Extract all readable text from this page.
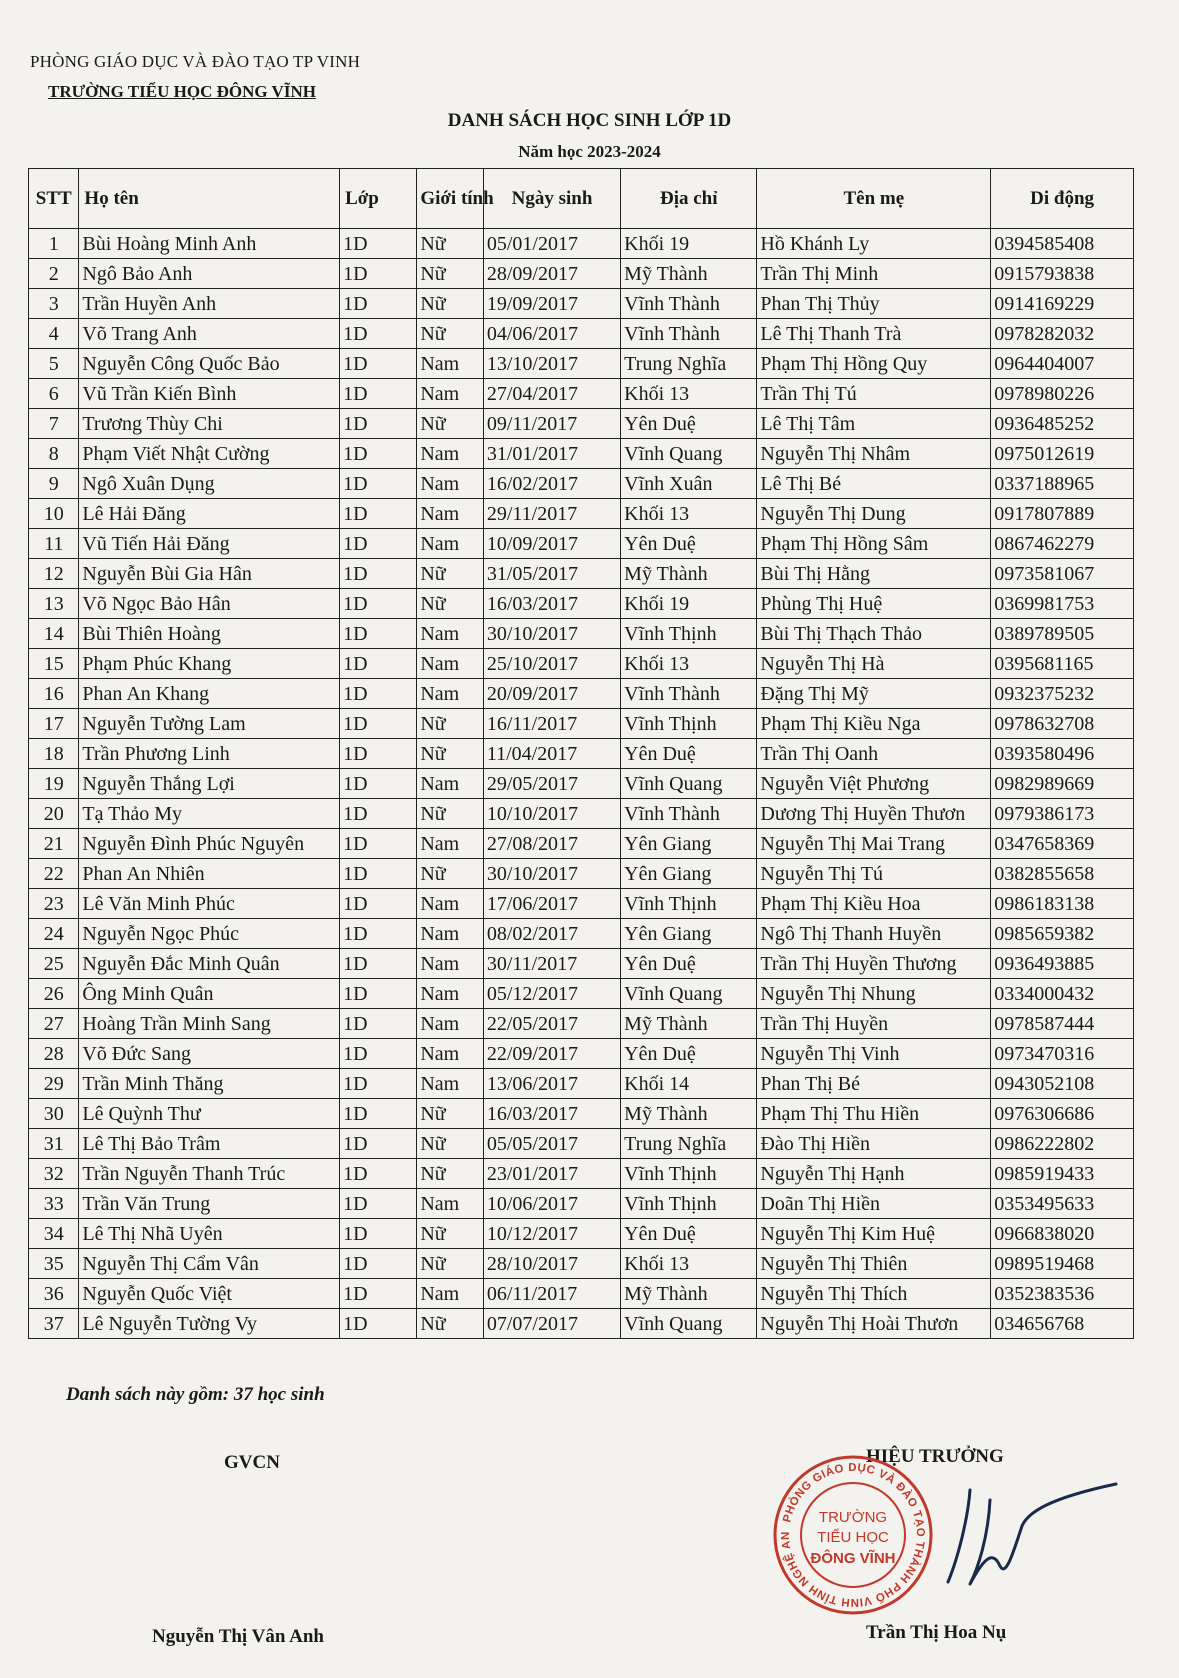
PHÒNG GIÁO DỤC VÀ ĐÀO TẠO TP VINH
TRƯỜNG TIỂU HỌC ĐÔNG VĨNH
DANH SÁCH HỌC SINH LỚP 1D
Năm học 2023-2024
STT	Họ tên	Lớp	Giới tính	Ngày sinh	Địa chỉ	Tên mẹ	Di động
1	Bùi Hoàng Minh Anh	1D	Nữ	05/01/2017	Khối 19	Hồ Khánh Ly	0394585408
2	Ngô Bảo Anh	1D	Nữ	28/09/2017	Mỹ Thành	Trần Thị Minh	0915793838
3	Trần Huyền Anh	1D	Nữ	19/09/2017	Vĩnh Thành	Phan Thị Thủy	0914169229
4	Võ Trang Anh	1D	Nữ	04/06/2017	Vĩnh Thành	Lê Thị Thanh Trà	0978282032
5	Nguyễn Công Quốc Bảo	1D	Nam	13/10/2017	Trung Nghĩa	Phạm Thị Hồng Quy	0964404007
6	Vũ Trần Kiến Bình	1D	Nam	27/04/2017	Khối 13	Trần Thị Tú	0978980226
7	Trương Thùy Chi	1D	Nữ	09/11/2017	Yên Duệ	Lê Thị Tâm	0936485252
8	Phạm Viết Nhật Cường	1D	Nam	31/01/2017	Vĩnh Quang	Nguyễn Thị Nhâm	0975012619
9	Ngô Xuân Dụng	1D	Nam	16/02/2017	Vĩnh Xuân	Lê Thị Bé	0337188965
10	Lê Hải Đăng	1D	Nam	29/11/2017	Khối 13	Nguyễn Thị Dung	0917807889
11	Vũ Tiến Hải Đăng	1D	Nam	10/09/2017	Yên Duệ	Phạm Thị Hồng Sâm	0867462279
12	Nguyễn Bùi Gia Hân	1D	Nữ	31/05/2017	Mỹ Thành	Bùi Thị Hằng	0973581067
13	Võ Ngọc Bảo Hân	1D	Nữ	16/03/2017	Khối 19	Phùng Thị Huệ	0369981753
14	Bùi Thiên Hoàng	1D	Nam	30/10/2017	Vĩnh Thịnh	Bùi Thị Thạch Thảo	0389789505
15	Phạm Phúc Khang	1D	Nam	25/10/2017	Khối 13	Nguyễn Thị Hà	0395681165
16	Phan An Khang	1D	Nam	20/09/2017	Vĩnh Thành	Đặng Thị Mỹ	0932375232
17	Nguyễn Tường Lam	1D	Nữ	16/11/2017	Vĩnh Thịnh	Phạm Thị Kiều Nga	0978632708
18	Trần Phương Linh	1D	Nữ	11/04/2017	Yên Duệ	Trần Thị Oanh	0393580496
19	Nguyễn Thắng Lợi	1D	Nam	29/05/2017	Vĩnh Quang	Nguyễn Việt Phương	0982989669
20	Tạ Thảo My	1D	Nữ	10/10/2017	Vĩnh Thành	Dương Thị Huyền Thươn	0979386173
21	Nguyễn Đình Phúc Nguyên	1D	Nam	27/08/2017	Yên Giang	Nguyễn Thị Mai Trang	0347658369
22	Phan An Nhiên	1D	Nữ	30/10/2017	Yên Giang	Nguyễn Thị Tú	0382855658
23	Lê Văn Minh Phúc	1D	Nam	17/06/2017	Vĩnh Thịnh	Phạm Thị Kiều Hoa	0986183138
24	Nguyễn Ngọc Phúc	1D	Nam	08/02/2017	Yên Giang	Ngô Thị Thanh Huyền	0985659382
25	Nguyễn Đắc Minh Quân	1D	Nam	30/11/2017	Yên Duệ	Trần Thị Huyền Thương	0936493885
26	Ông Minh Quân	1D	Nam	05/12/2017	Vĩnh Quang	Nguyễn Thị Nhung	0334000432
27	Hoàng Trần Minh Sang	1D	Nam	22/05/2017	Mỹ Thành	Trần Thị Huyền	0978587444
28	Võ Đức Sang	1D	Nam	22/09/2017	Yên Duệ	Nguyễn Thị Vinh	0973470316
29	Trần Minh Thăng	1D	Nam	13/06/2017	Khối 14	Phan Thị Bé	0943052108
30	Lê Quỳnh Thư	1D	Nữ	16/03/2017	Mỹ Thành	Phạm Thị Thu Hiền	0976306686
31	Lê Thị Bảo Trâm	1D	Nữ	05/05/2017	Trung Nghĩa	Đào Thị Hiền	0986222802
32	Trần Nguyễn Thanh Trúc	1D	Nữ	23/01/2017	Vĩnh Thịnh	Nguyễn Thị Hạnh	0985919433
33	Trần Văn Trung	1D	Nam	10/06/2017	Vĩnh Thịnh	Doãn Thị Hiền	0353495633
34	Lê Thị Nhã Uyên	1D	Nữ	10/12/2017	Yên Duệ	Nguyễn Thị Kim Huệ	0966838020
35	Nguyễn Thị Cẩm Vân	1D	Nữ	28/10/2017	Khối 13	Nguyễn Thị Thiên	0989519468
36	Nguyễn Quốc Việt	1D	Nam	06/11/2017	Mỹ Thành	Nguyễn Thị Thích	0352383536
37	Lê Nguyễn Tường Vy	1D	Nữ	07/07/2017	Vĩnh Quang	Nguyễn Thị Hoài Thươn	034656768
Danh sách này gồm: 37 học sinh
GVCN	HIỆU TRƯỞNG
PHÒNG GIÁO DỤC VÀ ĐÀO TẠO THÀNH PHỐ VINH TỈNH NGHỆ AN
TRƯỜNG
TIỂU HỌC
ĐÔNG VĨNH
Nguyễn Thị Vân Anh	Trần Thị Hoa Nụ
